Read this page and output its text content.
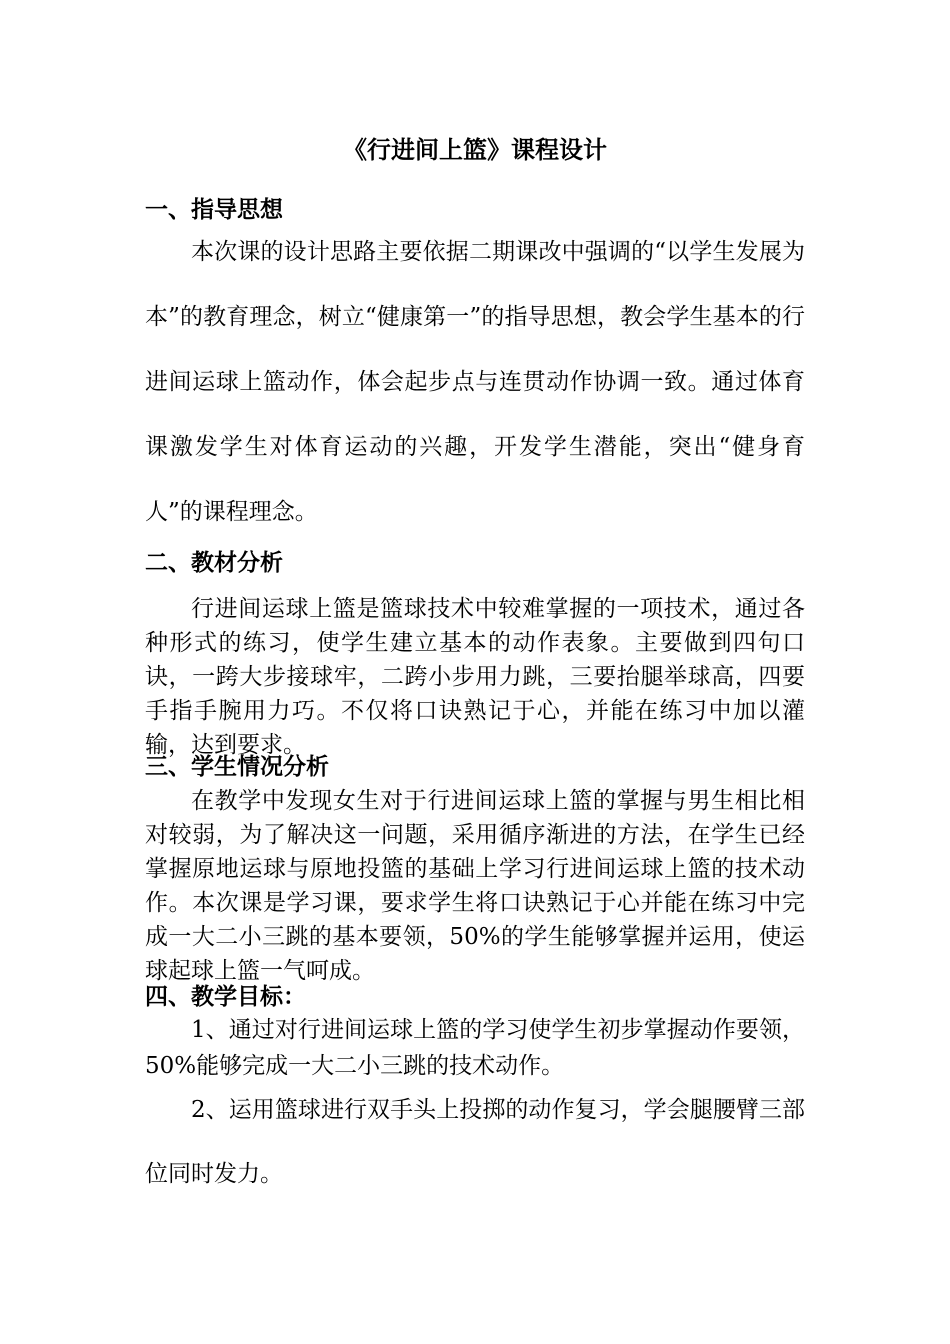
《行进间上篮》课程设计
一、指导思想

本次课的设计思路主要依据二期课改中强调的“以学生发展为本”的教育理念，树立“健康第一”的指导思想，教会学生基本的行进间运球上篮动作，体会起步点与连贯动作协调一致。通过体育课激发学生对体育运动的兴趣，开发学生潜能，突出“健身育人”的课程理念。

二、教材分析

行进间运球上篮是篮球技术中较难掌握的一项技术，通过各种形式的练习，使学生建立基本的动作表象。主要做到四句口诀，一跨大步接球牢，二跨小步用力跳，三要抬腿举球高，四要手指手腕用力巧。不仅将口诀熟记于心，并能在练习中加以灌输，达到要求。

三、学生情况分析

在教学中发现女生对于行进间运球上篮的掌握与男生相比相对较弱，为了解决这一问题，采用循序渐进的方法，在学生已经掌握原地运球与原地投篮的基础上学习行进间运球上篮的技术动作。本次课是学习课，要求学生将口诀熟记于心并能在练习中完成一大二小三跳的基本要领，50%的学生能够掌握并运用，使运球起球上篮一气呵成。

四、教学目标：

1、通过对行进间运球上篮的学习使学生初步掌握动作要领，50%能够完成一大二小三跳的技术动作。

2、运用篮球进行双手头上投掷的动作复习，学会腿腰臂三部位同时发力。
